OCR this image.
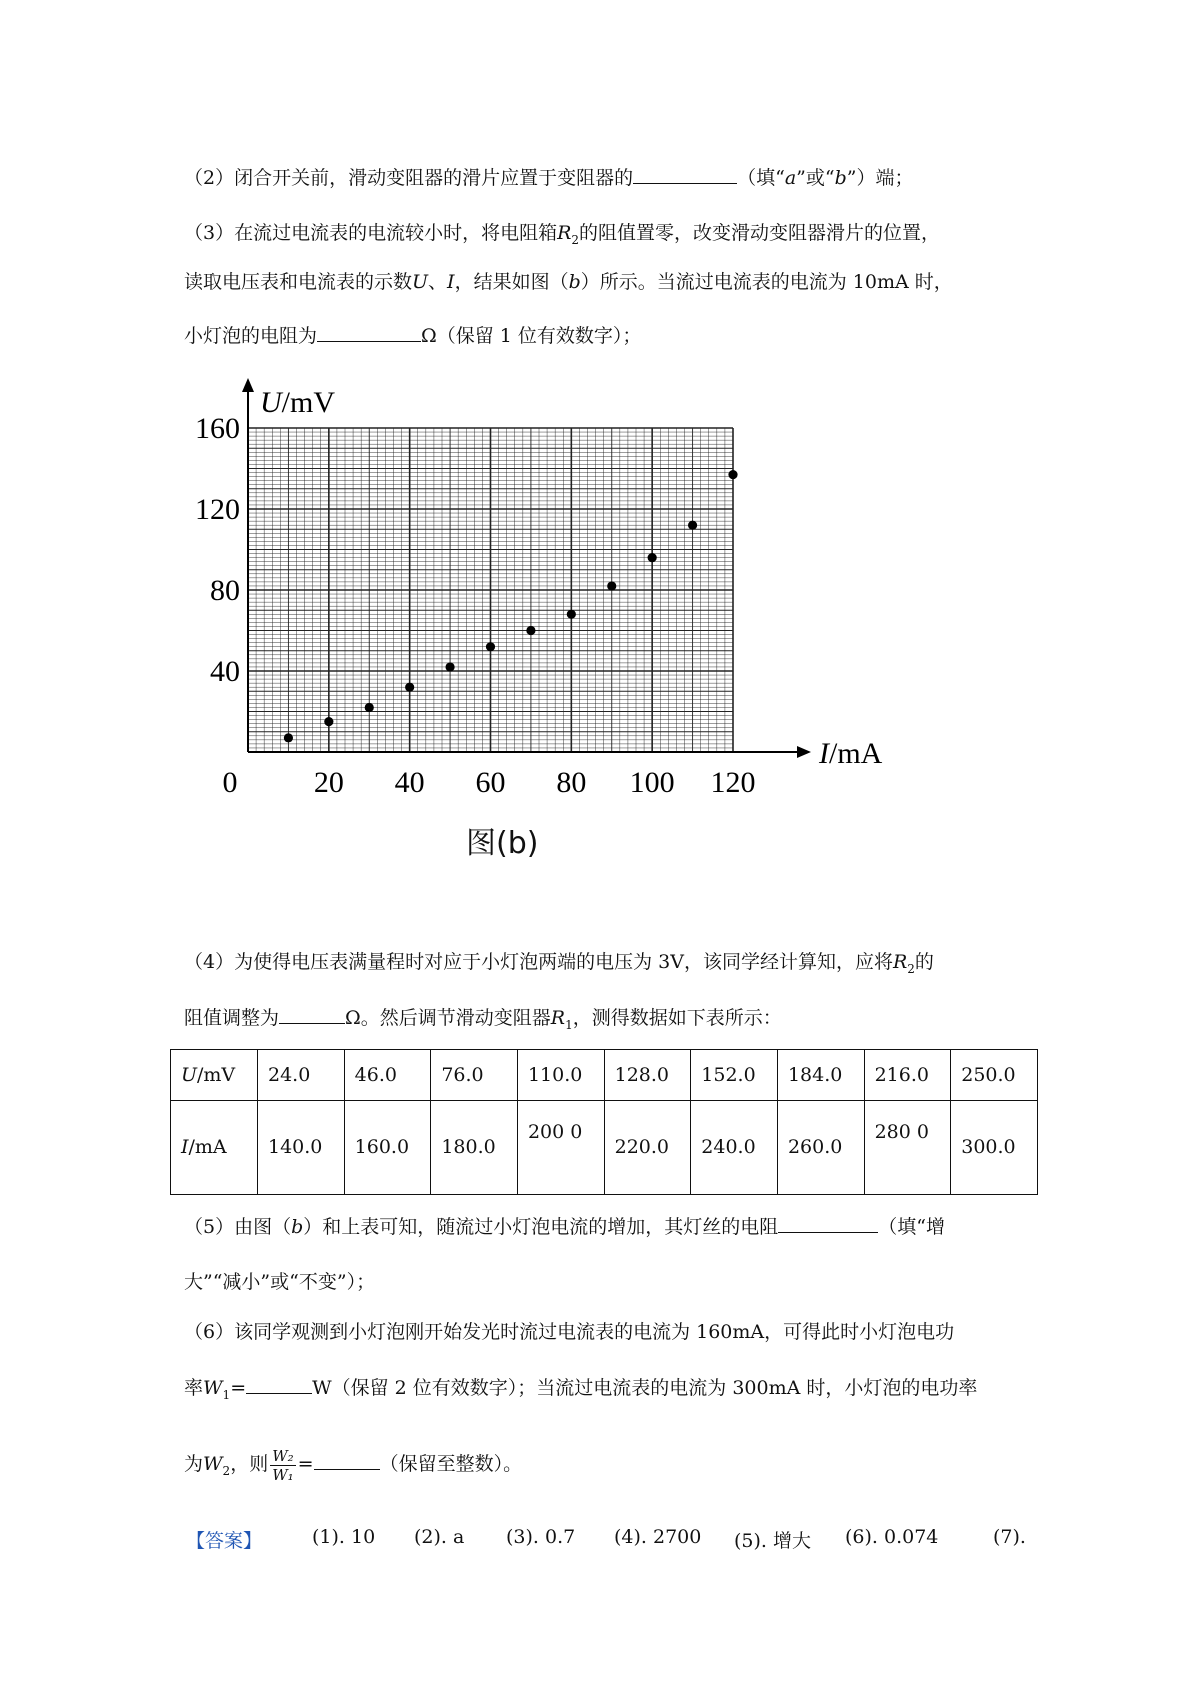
（2）闭合开关前，滑动变阻器的滑片应置于变阻器的	（填“a”或“b”）端；
（3）在流过电流表的电流较小时，将电阻箱$R_2$的阻值置零，改变滑动变阻器滑片的位置，
读取电压表和电流表的示数U、I，结果如图（b）所示。当流过电流表的电流为 10mA 时，
小灯泡的电阻为	Ω（保留 1 位有效数字）；
0	20 40 60 80 100 120
40
80
120
160
U/mV
I/mA
图(b)
（4）为使得电压表满量程时对应于小灯泡两端的电压为 3V，该同学经计算知，应将$R_2$的
阻值调整为	Ω。然后调节滑动变阻器$R_1$，测得数据如下表所示：
U/mV	24.0	46.0	76.0	110.0	128.0	152.0	184.0	216.0	250.0
I/mA	140.0	160.0	180.0	200 0	220.0	240.0	260.0	280 0	300.0
（5）由图（b）和上表可知，随流过小灯泡电流的增加，其灯丝的电阻	（填“增
大”“减小”或“不变”）；
（6）该同学观测到小灯泡刚开始发光时流过电流表的电流为 160mA，可得此时小灯泡电功
率$W_1=$	W（保留 2 位有效数字）；当流过电流表的电流为 300mA 时，小灯泡的电功率
为$W_2$，则 $\frac{\text{W₂}}{\text{W₁}}$ =	（保留至整数）。
【答案】	(1). 10 (2). a (3). 0.7 (4). 2700 (5). 增大 (6). 0.074	(7).
